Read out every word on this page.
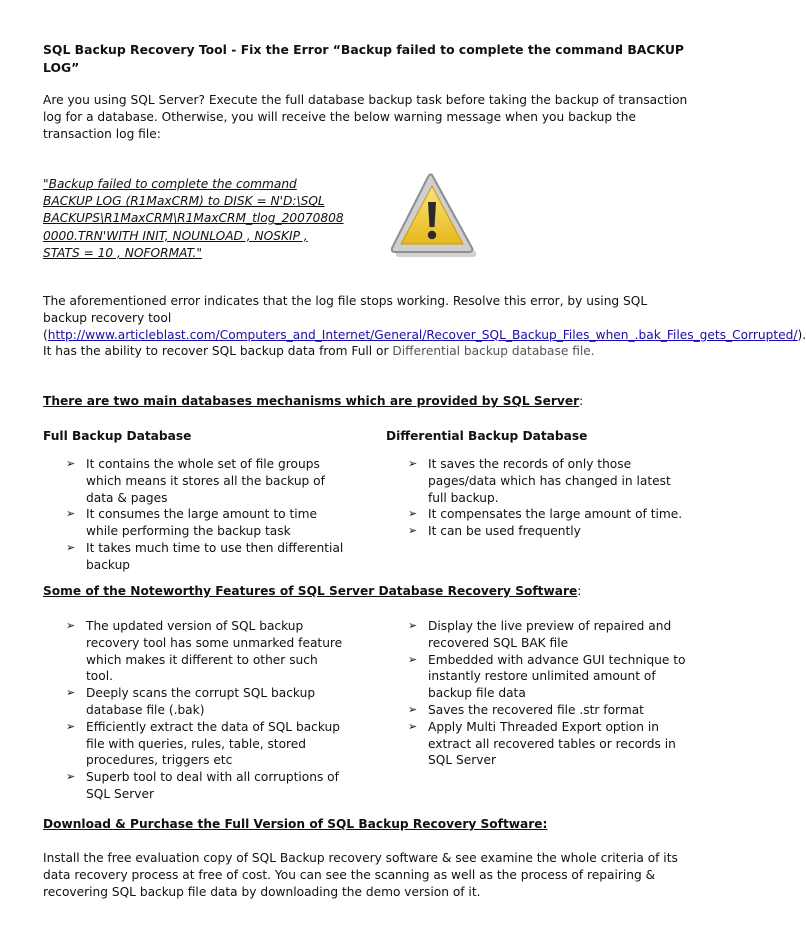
SQL Backup Recovery Tool - Fix the Error “Backup failed to complete the command BACKUP LOG”
Are you using SQL Server? Execute the full database backup task before taking the backup of transaction log for a database. Otherwise, you will receive the below warning message when you backup the transaction log file:
"Backup failed to complete the command BACKUP LOG (R1MaxCRM) to DISK = N'D:\SQL BACKUPS\R1MaxCRM\R1MaxCRM_tlog_20070808 0000.TRN'WITH INIT, NOUNLOAD , NOSKIP , STATS = 10 , NOFORMAT."
The aforementioned error indicates that the log file stops working. Resolve this error, by using SQL backup recovery tool (http://www.articleblast.com/Computers_and_Internet/General/Recover_SQL_Backup_Files_when_.bak_Files_gets_Corrupted/). It has the ability to recover SQL backup data from Full or Differential backup database file.
There are two main databases mechanisms which are provided by SQL Server:
Full Backup Database	Differential Backup Database
➢ It contains the whole set of file groups which means it stores all the backup of data & pages
➢ It consumes the large amount to time while performing the backup task
➢ It takes much time to use then differential backup
➢ It saves the records of only those pages/data which has changed in latest full backup.
➢ It compensates the large amount of time.
➢ It can be used frequently
Some of the Noteworthy Features of SQL Server Database Recovery Software:
➢ The updated version of SQL backup recovery tool has some unmarked feature which makes it different to other such tool.
➢ Deeply scans the corrupt SQL backup database file (.bak)
➢ Efficiently extract the data of SQL backup file with queries, rules, table, stored procedures, triggers etc
➢ Superb tool to deal with all corruptions of SQL Server
➢ Display the live preview of repaired and recovered SQL BAK file
➢ Embedded with advance GUI technique to instantly restore unlimited amount of backup file data
➢ Saves the recovered file .str format
➢ Apply Multi Threaded Export option in extract all recovered tables or records in SQL Server
Download & Purchase the Full Version of SQL Backup Recovery Software:
Install the free evaluation copy of SQL Backup recovery software & see examine the whole criteria of its data recovery process at free of cost. You can see the scanning as well as the process of repairing & recovering SQL backup file data by downloading the demo version of it.
